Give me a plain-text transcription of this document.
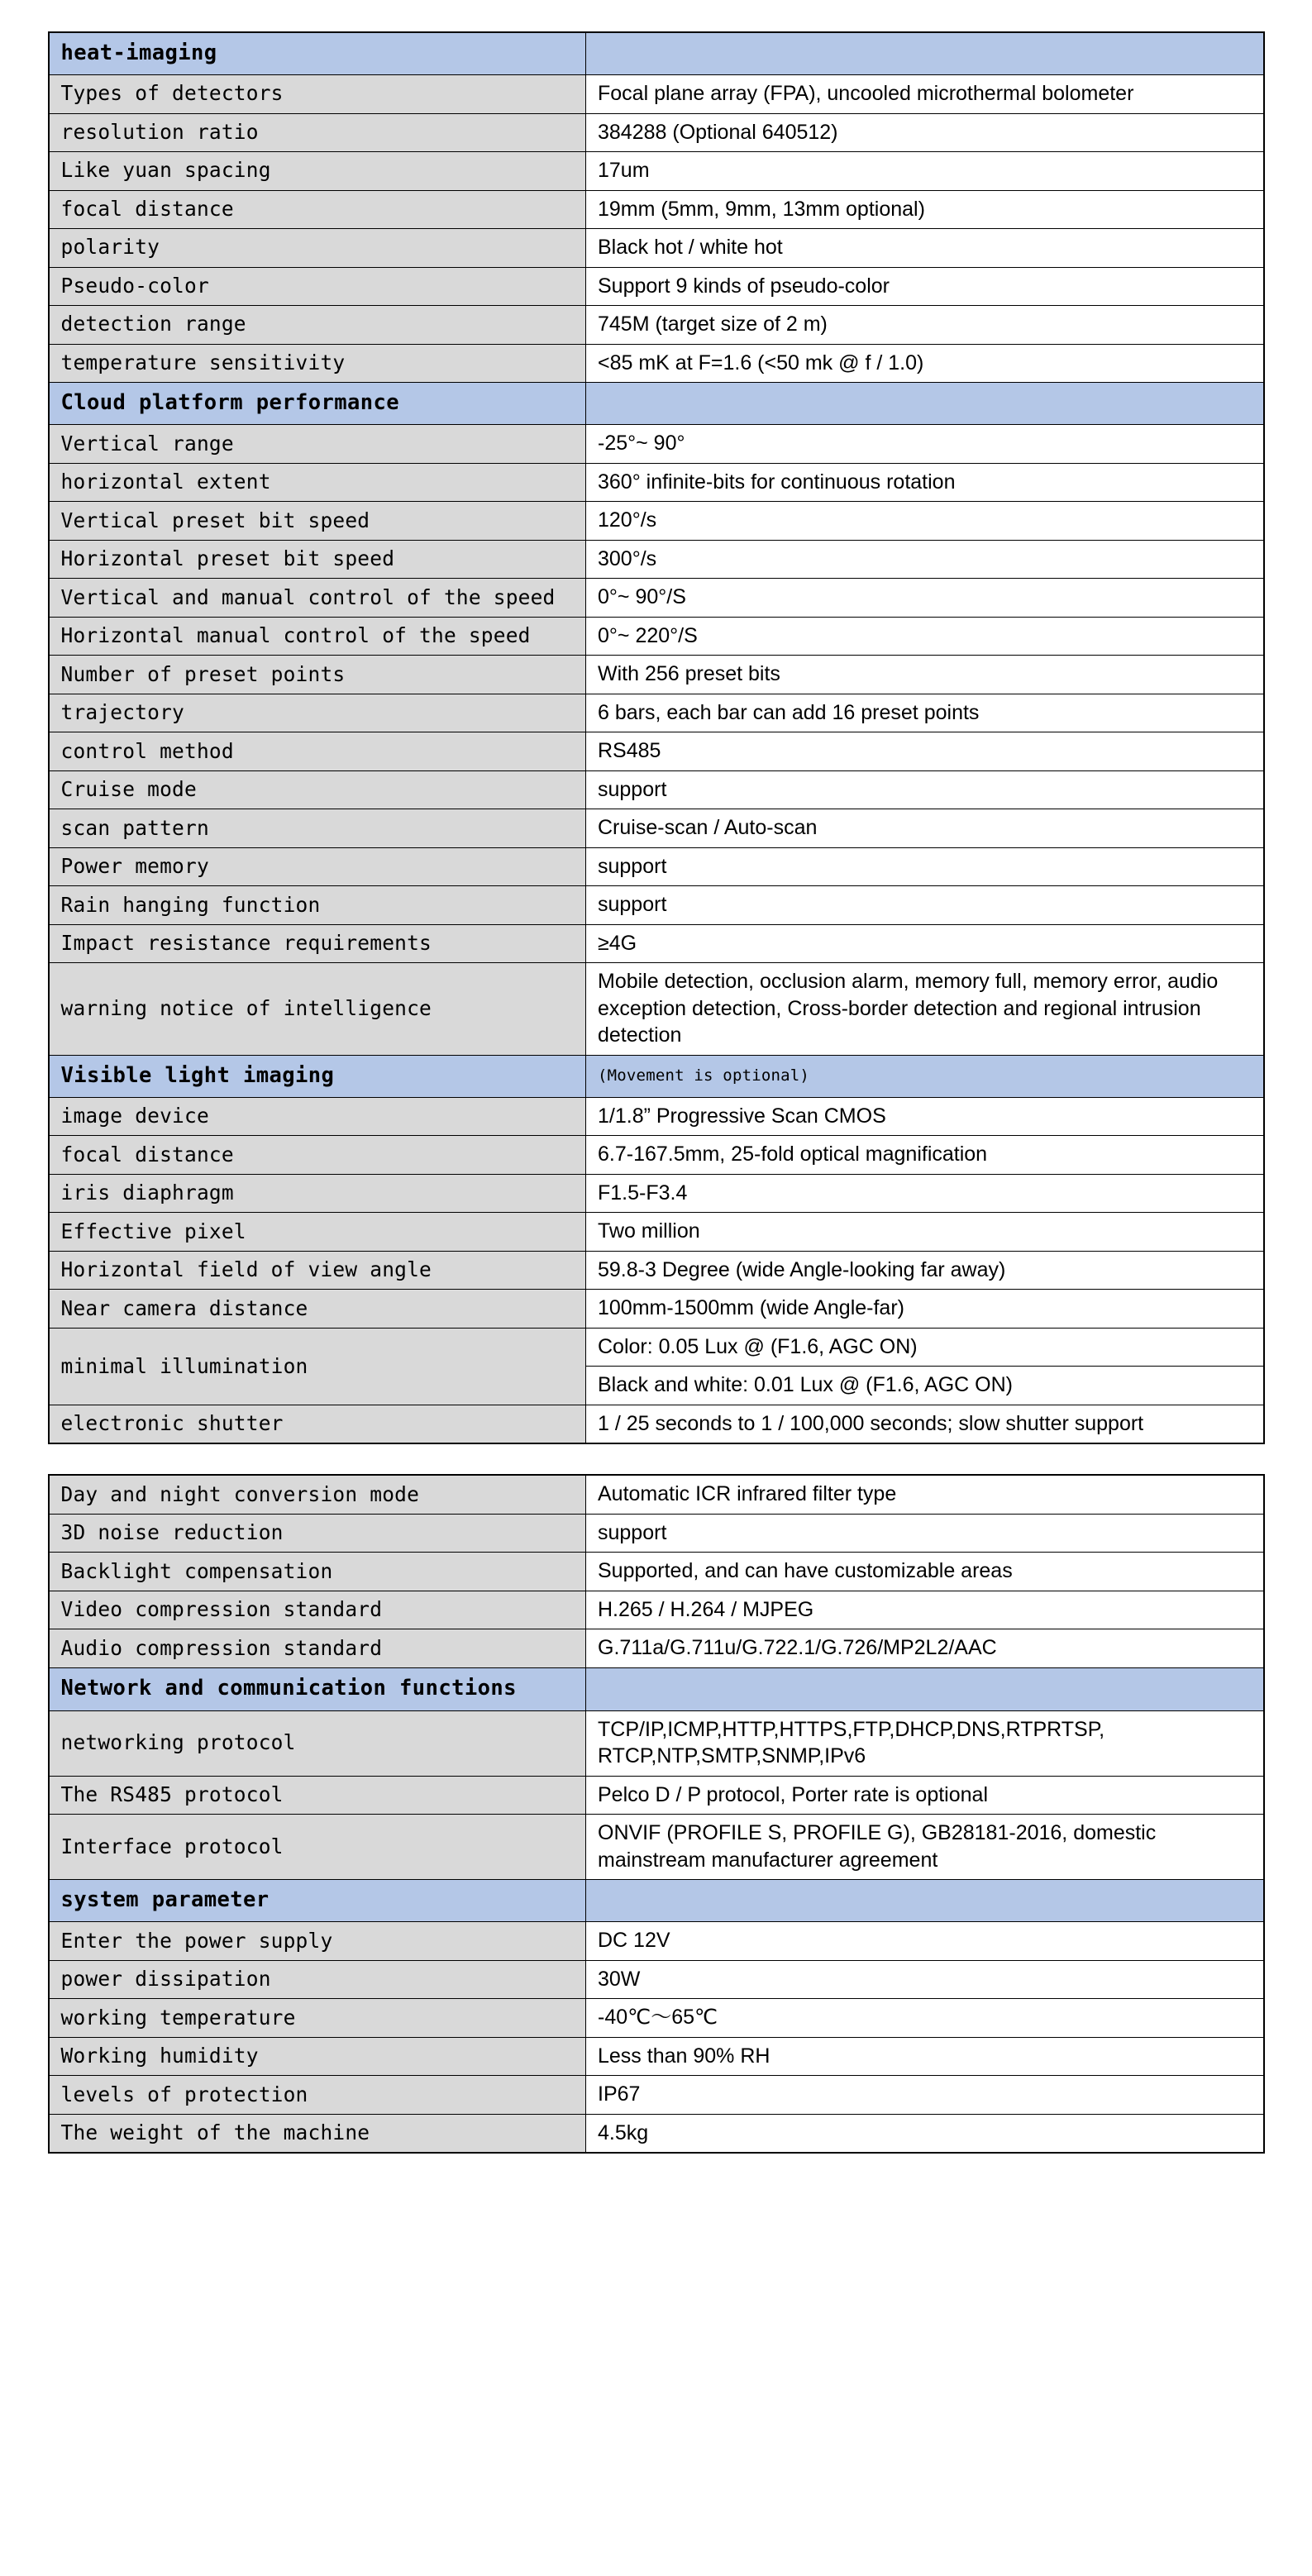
heat-imaging	
Types of detectors	Focal plane array (FPA), uncooled microthermal bolometer
resolution ratio	384288 (Optional 640512)
Like yuan spacing	17um
focal distance	19mm (5mm, 9mm, 13mm optional)
polarity	Black hot / white hot
Pseudo-color	Support 9 kinds of pseudo-color
detection range	745M (target size of 2 m)
temperature sensitivity	<85 mK at F=1.6 (<50 mk @ f / 1.0)
Cloud platform performance	
Vertical range	-25°~ 90°
horizontal extent	360° infinite-bits for continuous rotation
Vertical preset bit speed	120°/s
Horizontal preset bit speed	300°/s
Vertical and manual control of the speed	0°~ 90°/S
Horizontal manual control of the speed	0°~ 220°/S
Number of preset points	With 256 preset bits
trajectory	6 bars, each bar can add 16 preset points
control method	RS485
Cruise mode	support
scan pattern	Cruise-scan / Auto-scan
Power memory	support
Rain hanging function	support
Impact resistance requirements	≥4G
warning notice of intelligence	Mobile detection, occlusion alarm, memory full, memory error, audio exception detection, Cross-border detection and regional intrusion detection
Visible light imaging	(Movement is optional)
image device	1/1.8” Progressive Scan CMOS
focal distance	6.7-167.5mm, 25-fold optical magnification
iris diaphragm	F1.5-F3.4
Effective pixel	Two million
Horizontal field of view angle	59.8-3 Degree (wide Angle-looking far away)
Near camera distance	100mm-1500mm (wide Angle-far)
minimal illumination	Color: 0.05 Lux @ (F1.6, AGC ON)
	Black and white: 0.01 Lux @ (F1.6, AGC ON)
electronic shutter	1 / 25 seconds to 1 / 100,000 seconds; slow shutter support
Day and night conversion mode	Automatic ICR infrared filter type
3D noise reduction	support
Backlight compensation	Supported, and can have customizable areas
Video compression standard	H.265 / H.264 / MJPEG
Audio compression standard	G.711a/G.711u/G.722.1/G.726/MP2L2/AAC
Network and communication functions	
networking protocol	TCP/IP,ICMP,HTTP,HTTPS,FTP,DHCP,DNS,RTPRTSP, RTCP,NTP,SMTP,SNMP,IPv6
The RS485 protocol	Pelco D / P protocol, Porter rate is optional
Interface protocol	ONVIF (PROFILE S, PROFILE G), GB28181-2016, domestic mainstream manufacturer agreement
system parameter	
Enter the power supply	DC 12V
power dissipation	30W
working temperature	-40℃～65℃
Working humidity	Less than 90% RH
levels of protection	IP67
The weight of the machine	4.5kg
